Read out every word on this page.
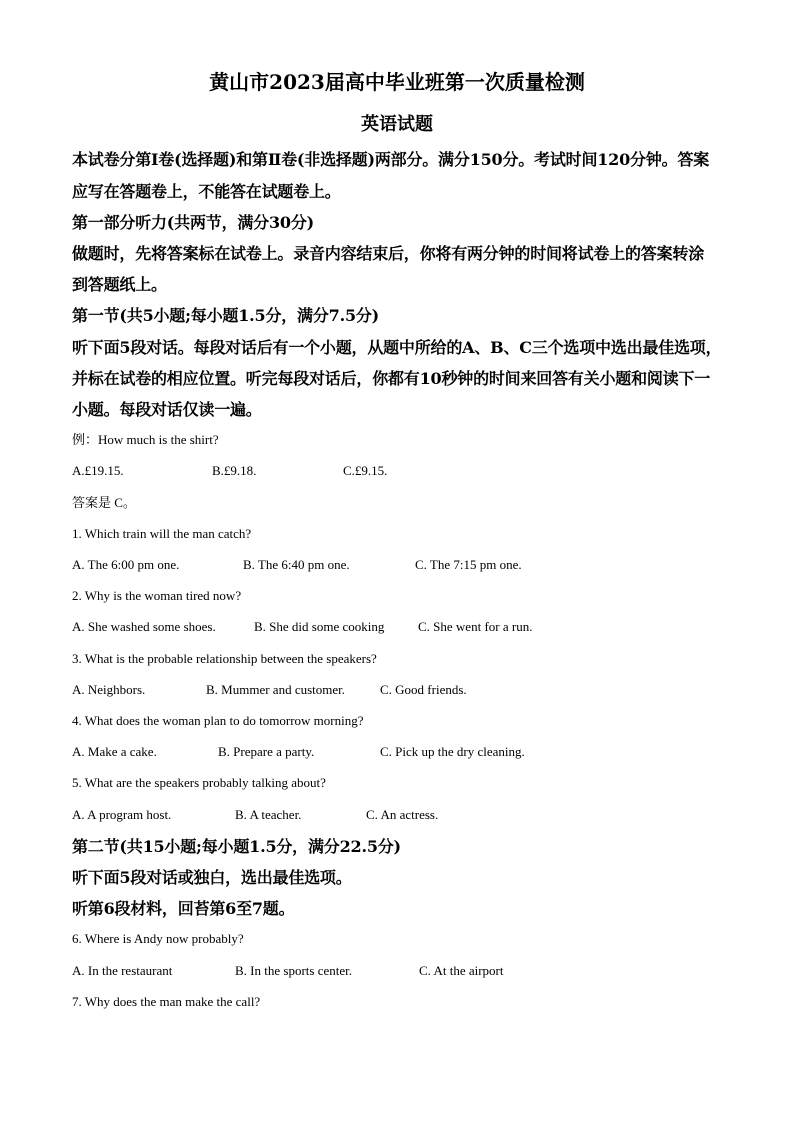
黄山市2023届高中毕业班第一次质量检测
英语试题
本试卷分第Ⅰ卷(选择题)和第Ⅱ卷(非选择题)两部分。满分150分。考试时间120分钟。答案
应写在答题卷上，不能答在试题卷上。
第一部分听力(共两节，满分30分)
做题时，先将答案标在试卷上。录音内容结束后，你将有两分钟的时间将试卷上的答案转涂
到答题纸上。
第一节(共5小题;每小题1.5分，满分7.5分)
听下面5段对话。每段对话后有一个小题，从题中所给的A、B、C三个选项中选出最佳选项，
并标在试卷的相应位置。听完每段对话后，你都有10秒钟的时间来回答有关小题和阅读下一
小题。每段对话仅读一遍。
例：How much is the shirt?
A.£19.15.	B.£9.18.	C.£9.15.
答案是 C。
1. Which train will the man catch?
A. The 6:00 pm one.	B. The 6:40 pm one.	C. The 7:15 pm one.
2. Why is the woman tired now?
A. She washed some shoes.	B. She did some cooking	C. She went for a run.
3. What is the probable relationship between the speakers?
A. Neighbors.	B. Mummer and customer.	C. Good friends.
4. What does the woman plan to do tomorrow morning?
A. Make a cake.	B. Prepare a party.	C. Pick up the dry cleaning.
5. What are the speakers probably talking about?
A. A program host.	B. A teacher.	C. An actress.
第二节(共15小题;每小题1.5分，满分22.5分)
听下面5段对话或独白，选出最佳选项。
听第6段材料，回苔第6至7题。
6. Where is Andy now probably?
A. In the restaurant	B. In the sports center.	C. At the airport
7. Why does the man make the call?
